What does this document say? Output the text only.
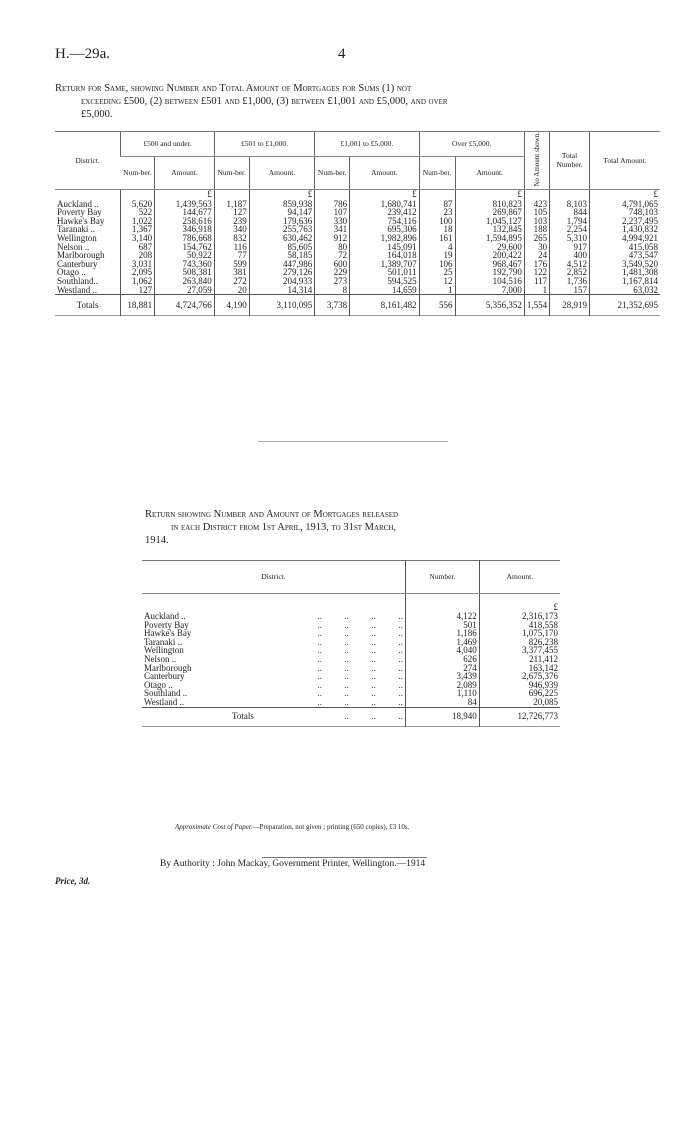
H.—29a.	4
Return for Same, showing Number and Total Amount of Mortgages for Sums (1) not
exceeding £500, (2) between £501 and £1,000, (3) between £1,001 and £5,000, and over
£5,000.
District.	£500 and under.		£501 to £1,000.		£1,001 to £5,000.		Over £5,000.		No Amount shown.	Total Number.	Total Amount.
	Num-ber.	Amount.	Num-ber.	Amount.	Num-ber.	Amount.	Num-ber.	Amount.			
		£		£		£		£			£
Auckland ..	5,620	1,439,563	1,187	859,938	786	1,680,741	87	810,823	423	8,103	4,791,065
Poverty Bay	522	144,677	127	94,147	107	239,412	23	269,867	105	844	748,103
Hawke's Bay	1,022	258,616	239	179,636	330	754,116	100	1,045,127	103	1,794	2,237,495
Taranaki ..	1,367	346,918	340	255,763	341	695,306	18	132,845	188	2,254	1,430,832
Wellington	3,140	786,668	832	630,462	912	1,982,896	161	1,594,895	265	5,310	4,994,921
Nelson ..	687	154,762	116	85,605	80	145,091	4	29,600	30	917	415,058
Marlborough	208	50,922	77	58,185	72	164,018	19	200,422	24	400	473,547
Canterbury	3,031	743,360	599	447,986	600	1,389,707	106	968,467	176	4,512	3,549,520
Otago ..	2,095	508,381	381	279,126	229	501,011	25	192,790	122	2,852	1,481,308
Southland..	1,062	263,840	272	204,933	273	594,525	12	104,516	117	1,736	1,167,814
Westland ..	127	27,059	20	14,314	8	14,659	1	7,000	1	157	63,032
Totals	18,881	4,724,766	4,190	3,110,095	3,738	8,161,482	556	5,356,352	1,554	28,919	21,352,695
Return showing Number and Amount of Mortgages released
in each District from 1st April, 1913, to 31st March,
1914.
District.		Number.	Amount.
			£
Auckland ..	..          ..          ..          ..	4,122	2,316,173
Poverty Bay	..          ..          ..          ..	501	418,558
Hawke's Bay	..          ..          ..          ..	1,186	1,075,170
Taranaki ..	..          ..          ..          ..	1,469	826,238
Wellington	..          ..          ..          ..	4,040	3,377,455
Nelson ..	..          ..          ..          ..	626	211,412
Marlborough	..          ..          ..          ..	274	163,142
Canterbury	..          ..          ..          ..	3,439	2,675,376
Otago ..	..          ..          ..          ..	2,089	946,939
Southland ..	..          ..          ..          ..	1,110	696,225
Westland ..	..          ..          ..          ..	84	20,085
Totals	..          ..          ..	18,940	12,726,773
Approximate Cost of Paper.—Preparation, not given ; printing (650 copies), £3 10s.
By Authority : John Mackay, Government Printer, Wellington.—1914
Price, 3d.
